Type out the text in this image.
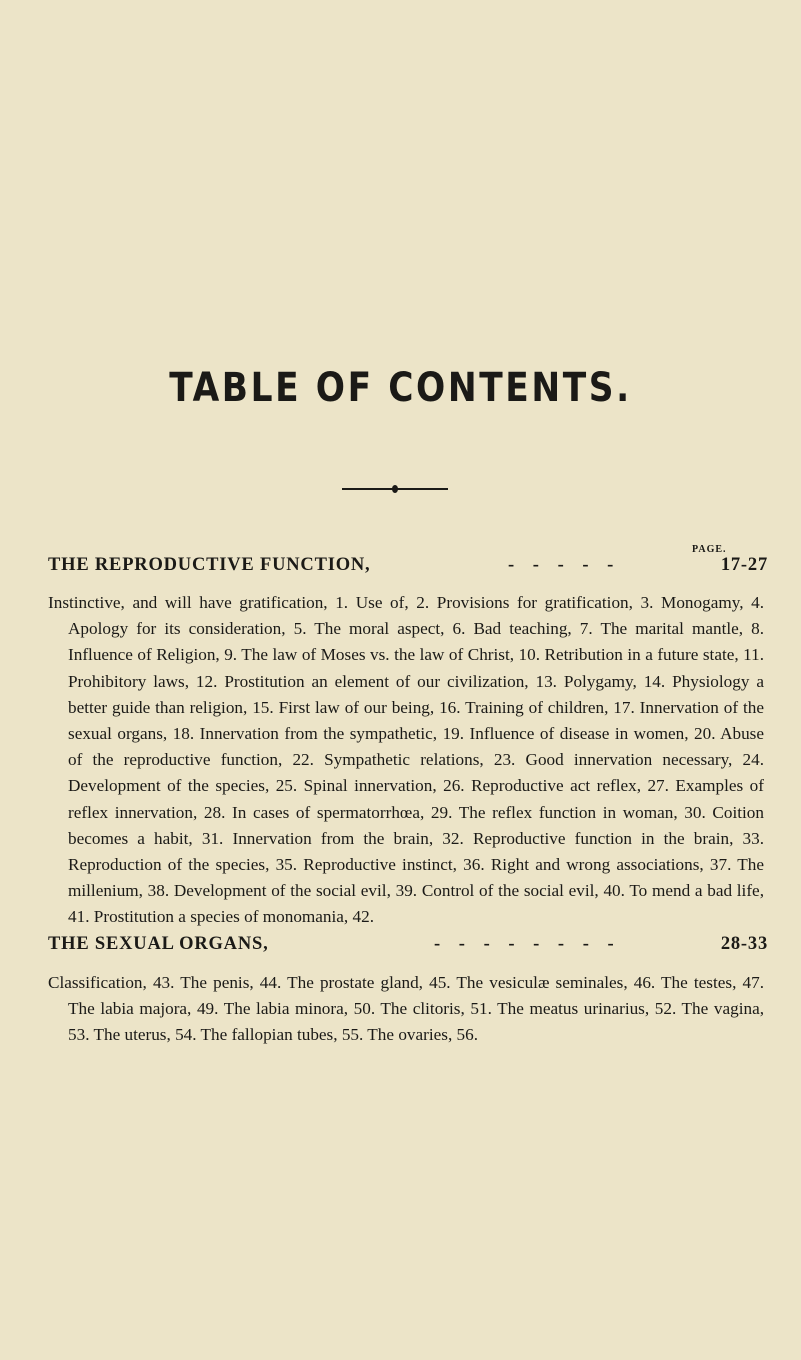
TABLE OF CONTENTS.
PAGE.
THE REPRODUCTIVE FUNCTION,	- - - - -	17-27
Instinctive, and will have gratification, 1. Use of, 2. Provisions for gratification, 3. Monogamy, 4. Apology for its consideration, 5. The moral aspect, 6. Bad teaching, 7. The marital mantle, 8. Influence of Religion, 9. The law of Moses vs. the law of Christ, 10. Retribution in a future state, 11. Prohibitory laws, 12. Prostitution an element of our civilization, 13. Polygamy, 14. Physiology a better guide than religion, 15. First law of our being, 16. Training of children, 17. Innervation of the sexual organs, 18. Innervation from the sympathetic, 19. Influence of disease in women, 20. Abuse of the reproductive function, 22. Sympathetic relations, 23. Good innervation necessary, 24. Development of the species, 25. Spinal innervation, 26. Reproductive act reflex, 27. Examples of reflex innervation, 28. In cases of spermatorrhœa, 29. The reflex function in woman, 30. Coition becomes a habit, 31. Innervation from the brain, 32. Reproductive function in the brain, 33. Reproduction of the species, 35. Reproductive instinct, 36. Right and wrong associations, 37. The millenium, 38. Development of the social evil, 39. Control of the social evil, 40. To mend a bad life, 41. Prostitution a species of monomania, 42.
THE SEXUAL ORGANS,	- - - - - - - -	28-33
Classification, 43. The penis, 44. The prostate gland, 45. The vesiculæ seminales, 46. The testes, 47. The labia majora, 49. The labia minora, 50. The clitoris, 51. The meatus urinarius, 52. The vagina, 53. The uterus, 54. The fallopian tubes, 55. The ovaries, 56.
